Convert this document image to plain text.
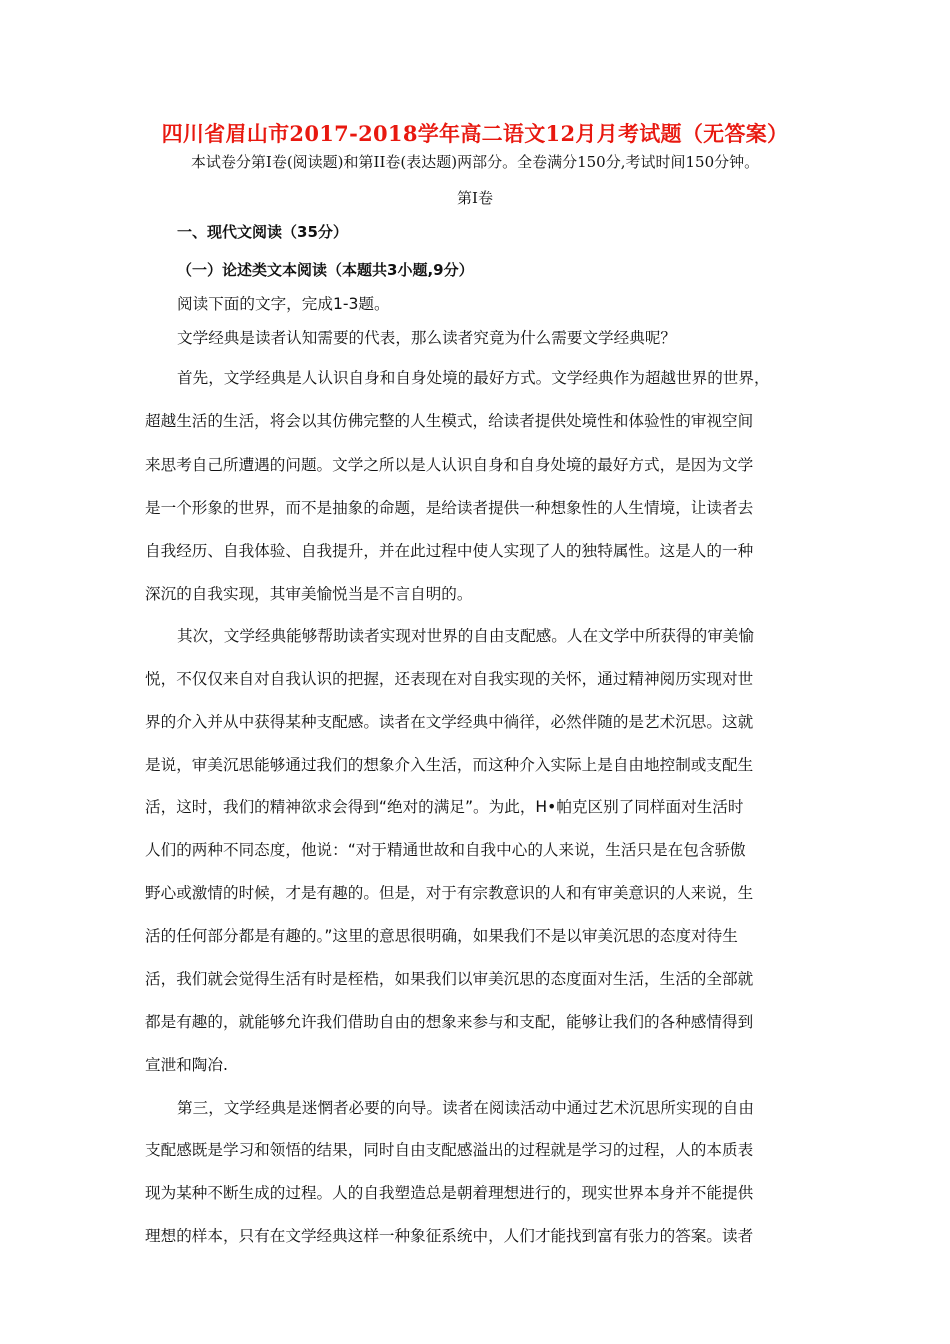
四川省眉山市2017-2018学年高二语文12月月考试题（无答案）
本试卷分第I卷(阅读题)和第II卷(表达题)两部分。全卷满分150分,考试时间150分钟。
第I卷
一、现代文阅读（35分）
（一）论述类文本阅读（本题共3小题,9分）
阅读下面的文字，完成1-3题。
文学经典是读者认知需要的代表，那么读者究竟为什么需要文学经典呢？
首先，文学经典是人认识自身和自身处境的最好方式。文学经典作为超越世界的世界，
超越生活的生活，将会以其仿佛完整的人生模式，给读者提供处境性和体验性的审视空间
来思考自己所遭遇的问题。文学之所以是人认识自身和自身处境的最好方式，是因为文学
是一个形象的世界，而不是抽象的命题，是给读者提供一种想象性的人生情境，让读者去
自我经历、自我体验、自我提升，并在此过程中使人实现了人的独特属性。这是人的一种
深沉的自我实现，其审美愉悦当是不言自明的。
其次，文学经典能够帮助读者实现对世界的自由支配感。人在文学中所获得的审美愉
悦，不仅仅来自对自我认识的把握，还表现在对自我实现的关怀，通过精神阅历实现对世
界的介入并从中获得某种支配感。读者在文学经典中徜徉，必然伴随的是艺术沉思。这就
是说，审美沉思能够通过我们的想象介入生活，而这种介入实际上是自由地控制或支配生
活，这时，我们的精神欲求会得到“绝对的满足”。为此，H•帕克区别了同样面对生活时
人们的两种不同态度，他说：“对于精通世故和自我中心的人来说，生活只是在包含骄傲
野心或激情的时候，才是有趣的。但是，对于有宗教意识的人和有审美意识的人来说，生
活的任何部分都是有趣的。”这里的意思很明确，如果我们不是以审美沉思的态度对待生
活，我们就会觉得生活有时是桎梏，如果我们以审美沉思的态度面对生活，生活的全部就
都是有趣的，就能够允许我们借助自由的想象来参与和支配，能够让我们的各种感情得到
宣泄和陶冶.
第三，文学经典是迷惘者必要的向导。读者在阅读活动中通过艺术沉思所实现的自由
支配感既是学习和领悟的结果，同时自由支配感溢出的过程就是学习的过程，人的本质表
现为某种不断生成的过程。人的自我塑造总是朝着理想进行的，现实世界本身并不能提供
理想的样本，只有在文学经典这样一种象征系统中，人们才能找到富有张力的答案。读者
